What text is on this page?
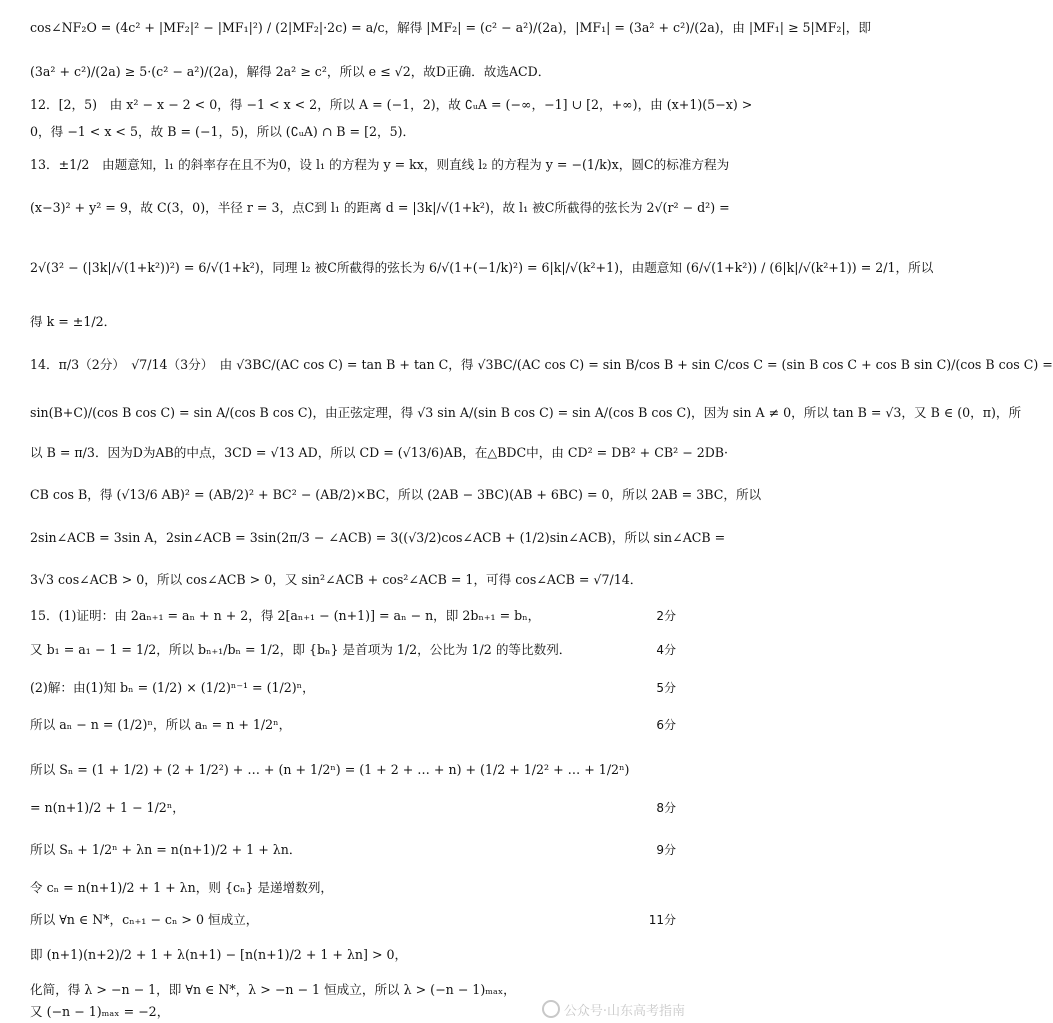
cos∠NF₂O = (4c² + |MF₂|² − |MF₁|²) / (2|MF₂|·2c) = a/c，解得 |MF₂| = (c² − a²)/(2a)，|MF₁| = (3a² + c²)/(2a)，由 |MF₁| ≥ 5|MF₂|，即
(3a² + c²)/(2a) ≥ 5·(c² − a²)/(2a)，解得 2a² ≥ c²，所以 e ≤ √2，故D正确．故选ACD．
12．[2，5)　由 x² − x − 2 < 0，得 −1 < x < 2，所以 A = (−1，2)，故 ∁ᵤA = (−∞，−1] ∪ [2，+∞)，由 (x+1)(5−x) >
0，得 −1 < x < 5，故 B = (−1，5)，所以 (∁ᵤA) ∩ B = [2，5)．
13．±1/2　由题意知，l₁ 的斜率存在且不为0，设 l₁ 的方程为 y = kx，则直线 l₂ 的方程为 y = −(1/k)x，圆C的标准方程为
(x−3)² + y² = 9，故 C(3，0)，半径 r = 3，点C到 l₁ 的距离 d = |3k|/√(1+k²)，故 l₁ 被C所截得的弦长为 2√(r² − d²) =
2√(3² − (|3k|/√(1+k²))²) = 6/√(1+k²)，同理 l₂ 被C所截得的弦长为 6/√(1+(−1/k)²) = 6|k|/√(k²+1)，由题意知 (6/√(1+k²)) / (6|k|/√(k²+1)) = 2/1，所以
得 k = ±1/2．
14．π/3（2分）　√7/14（3分）　由 √3BC/(AC cos C) = tan B + tan C，得 √3BC/(AC cos C) = sin B/cos B + sin C/cos C = (sin B cos C + cos B sin C)/(cos B cos C) =
sin(B+C)/(cos B cos C) = sin A/(cos B cos C)，由正弦定理，得 √3 sin A/(sin B cos C) = sin A/(cos B cos C)，因为 sin A ≠ 0，所以 tan B = √3，又 B ∈ (0，π)，所
以 B = π/3．因为D为AB的中点，3CD = √13 AD，所以 CD = (√13/6)AB，在△BDC中，由 CD² = DB² + CB² − 2DB·
CB cos B，得 (√13/6 AB)² = (AB/2)² + BC² − (AB/2)×BC，所以 (2AB − 3BC)(AB + 6BC) = 0，所以 2AB = 3BC，所以
2sin∠ACB = 3sin A，2sin∠ACB = 3sin(2π/3 − ∠ACB) = 3((√3/2)cos∠ACB + (1/2)sin∠ACB)，所以 sin∠ACB =
3√3 cos∠ACB > 0，所以 cos∠ACB > 0，又 sin²∠ACB + cos²∠ACB = 1，可得 cos∠ACB = √7/14．
15．(1)证明：由 2aₙ₊₁ = aₙ + n + 2，得 2[aₙ₊₁ − (n+1)] = aₙ − n，即 2bₙ₊₁ = bₙ，	2分
又 b₁ = a₁ − 1 = 1/2，所以 bₙ₊₁/bₙ = 1/2，即 {bₙ} 是首项为 1/2，公比为 1/2 的等比数列．	4分
(2)解：由(1)知 bₙ = (1/2) × (1/2)ⁿ⁻¹ = (1/2)ⁿ，	5分
所以 aₙ − n = (1/2)ⁿ，所以 aₙ = n + 1/2ⁿ，	6分
所以 Sₙ = (1 + 1/2) + (2 + 1/2²) + … + (n + 1/2ⁿ) = (1 + 2 + … + n) + (1/2 + 1/2² + … + 1/2ⁿ)
= n(n+1)/2 + 1 − 1/2ⁿ，	8分
所以 Sₙ + 1/2ⁿ + λn = n(n+1)/2 + 1 + λn．	9分
令 cₙ = n(n+1)/2 + 1 + λn，则 {cₙ} 是递增数列，
所以 ∀n ∈ N*，cₙ₊₁ − cₙ > 0 恒成立，	11分
即 (n+1)(n+2)/2 + 1 + λ(n+1) − [n(n+1)/2 + 1 + λn] > 0，
化简，得 λ > −n − 1，即 ∀n ∈ N*，λ > −n − 1 恒成立，所以 λ > (−n − 1)ₘₐₓ，
又 (−n − 1)ₘₐₓ = −2，	公众号·山东高考指南
